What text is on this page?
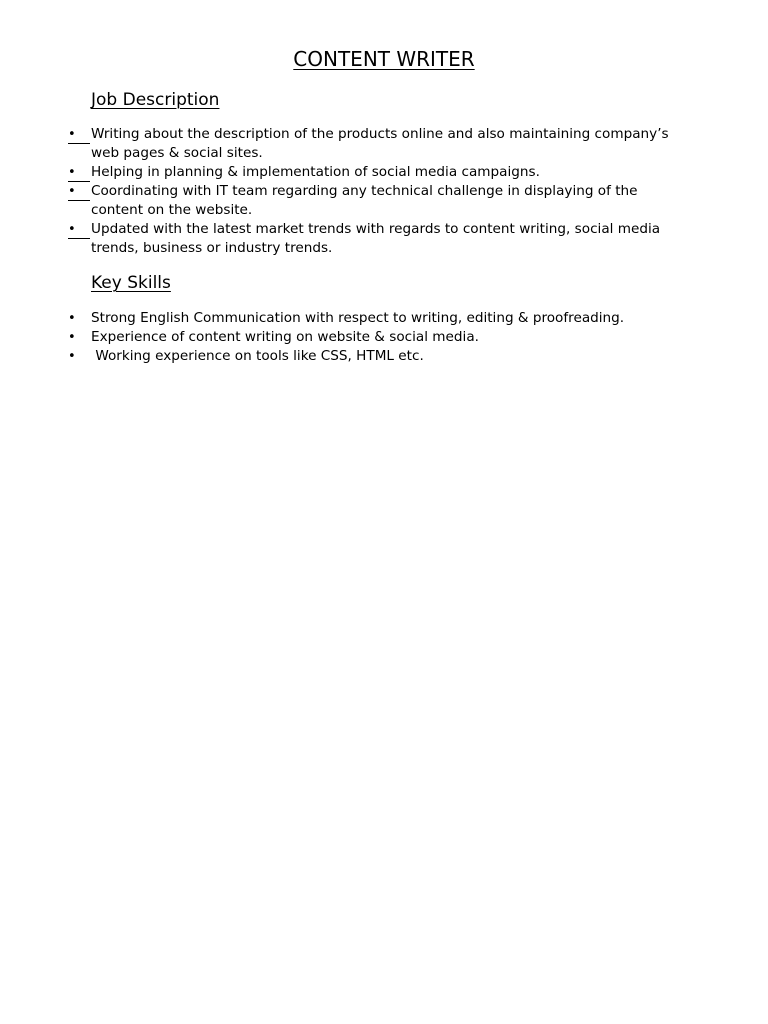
CONTENT WRITER
Job Description
•	Writing about the description of the products online and also maintaining company’s web pages & social sites.
•	Helping in planning & implementation of social media campaigns.
•	Coordinating with IT team regarding any technical challenge in displaying of the content on the website.
•	Updated with the latest market trends with regards to content writing, social media trends, business or industry trends.
Key Skills
•	Strong English Communication with respect to writing, editing & proofreading.
•	Experience of content writing on website & social media.
•	Working experience on tools like CSS, HTML etc.
